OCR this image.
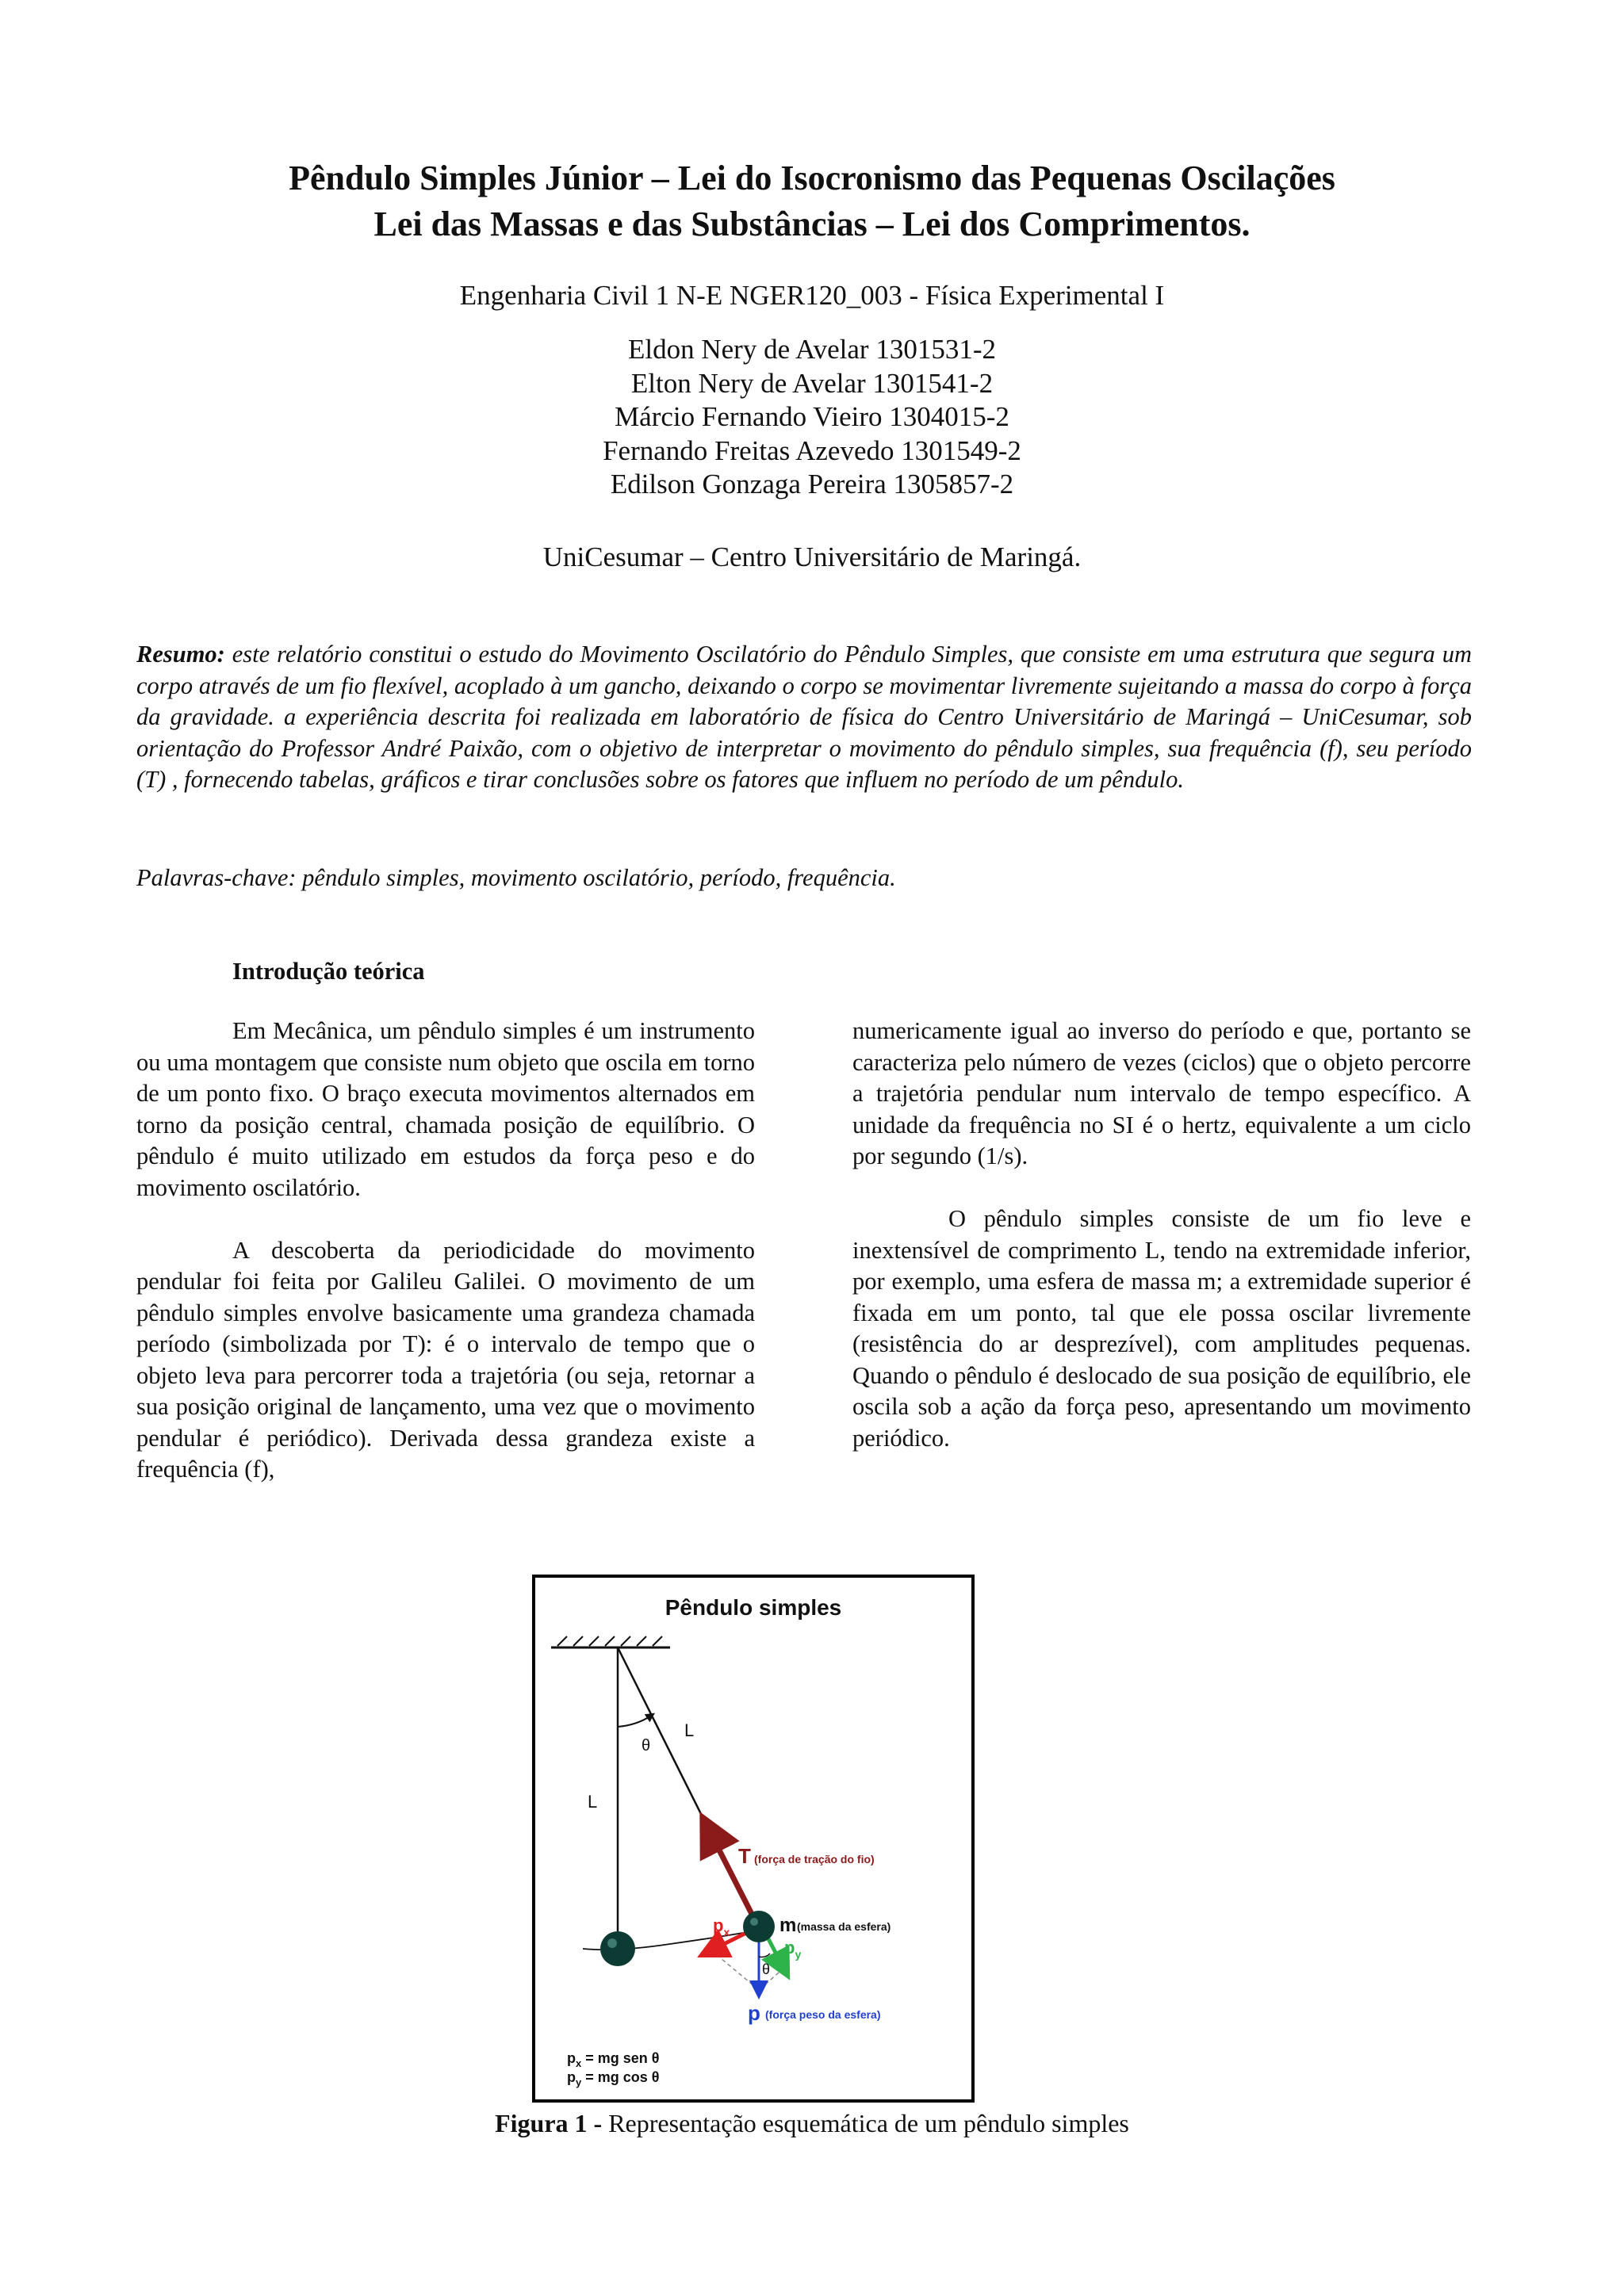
Pêndulo Simples Júnior – Lei do Isocronismo das Pequenas Oscilações
Lei das Massas e das Substâncias – Lei dos Comprimentos.
Engenharia Civil 1 N-E NGER120_003 - Física Experimental I
Eldon Nery de Avelar 1301531-2
Elton Nery de Avelar 1301541-2
Márcio Fernando Vieiro 1304015-2
Fernando Freitas Azevedo 1301549-2
Edilson Gonzaga Pereira 1305857-2
UniCesumar – Centro Universitário de Maringá.
Resumo: este relatório constitui o estudo do Movimento Oscilatório do Pêndulo Simples, que consiste em uma estrutura que segura um corpo através de um fio flexível, acoplado à um gancho, deixando o corpo se movimentar livremente sujeitando a massa do corpo à força da gravidade. a experiência descrita foi realizada em laboratório de física do Centro Universitário de Maringá – UniCesumar, sob orientação do Professor André Paixão, com o objetivo de interpretar o movimento do pêndulo simples, sua frequência (f), seu período (T) , fornecendo tabelas, gráficos e tirar conclusões sobre os fatores que influem no período de um pêndulo.
Palavras-chave: pêndulo simples, movimento oscilatório, período, frequência.
Introdução teórica

Em Mecânica, um pêndulo simples é um instrumento ou uma montagem que consiste num objeto que oscila em torno de um ponto fixo. O braço executa movimentos alternados em torno da posição central, chamada posição de equilíbrio. O pêndulo é muito utilizado em estudos da força peso e do movimento oscilatório.

A descoberta da periodicidade do movimento pendular foi feita por Galileu Galilei. O movimento de um pêndulo simples envolve basicamente uma grandeza chamada período (simbolizada por T): é o intervalo de tempo que o objeto leva para percorrer toda a trajetória (ou seja, retornar a sua posição original de lançamento, uma vez que o movimento pendular é periódico). Derivada dessa grandeza existe a frequência (f),

numericamente igual ao inverso do período e que, portanto se caracteriza pelo número de vezes (ciclos) que o objeto percorre a trajetória pendular num intervalo de tempo específico. A unidade da frequência no SI é o hertz, equivalente a um ciclo por segundo (1/s).

O pêndulo simples consiste de um fio leve e inextensível de comprimento L, tendo na extremidade inferior, por exemplo, uma esfera de massa m; a extremidade superior é fixada em um ponto, tal que ele possa oscilar livremente (resistência do ar desprezível), com amplitudes pequenas. Quando o pêndulo é deslocado de sua posição de equilíbrio, ele oscila sob a ação da força peso, apresentando um movimento periódico.

Pêndulo simples
θ
L
L
T (força de tração do fio)
$p_x$
$p_y$
θ
m (massa da esfera)
p (força peso da esfera)
$p_x$ = mg sen θ
$p_y$ = mg cos θ
Figura 1 - Representação esquemática de um pêndulo simples
